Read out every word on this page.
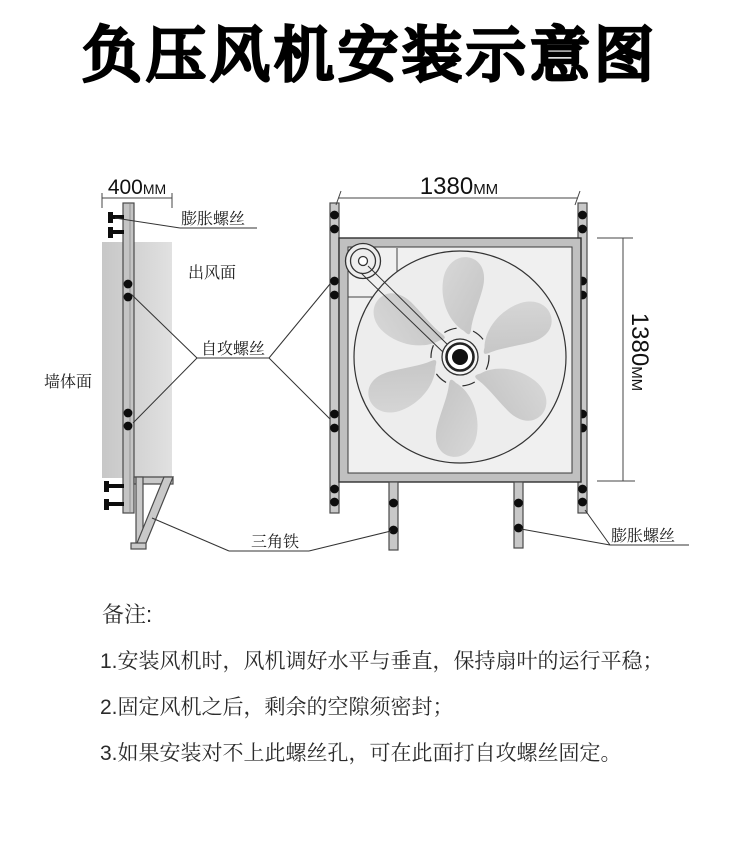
负压风机安装示意图
400MM	1380MM
1380MM
膨胀螺丝
出风面
墙体面
自攻螺丝
三角铁	膨胀螺丝

备注:

1.安装风机时，风机调好水平与垂直，保持扇叶的运行平稳；

2.固定风机之后，剩余的空隙须密封；

3.如果安装对不上此螺丝孔，可在此面打自攻螺丝固定。
